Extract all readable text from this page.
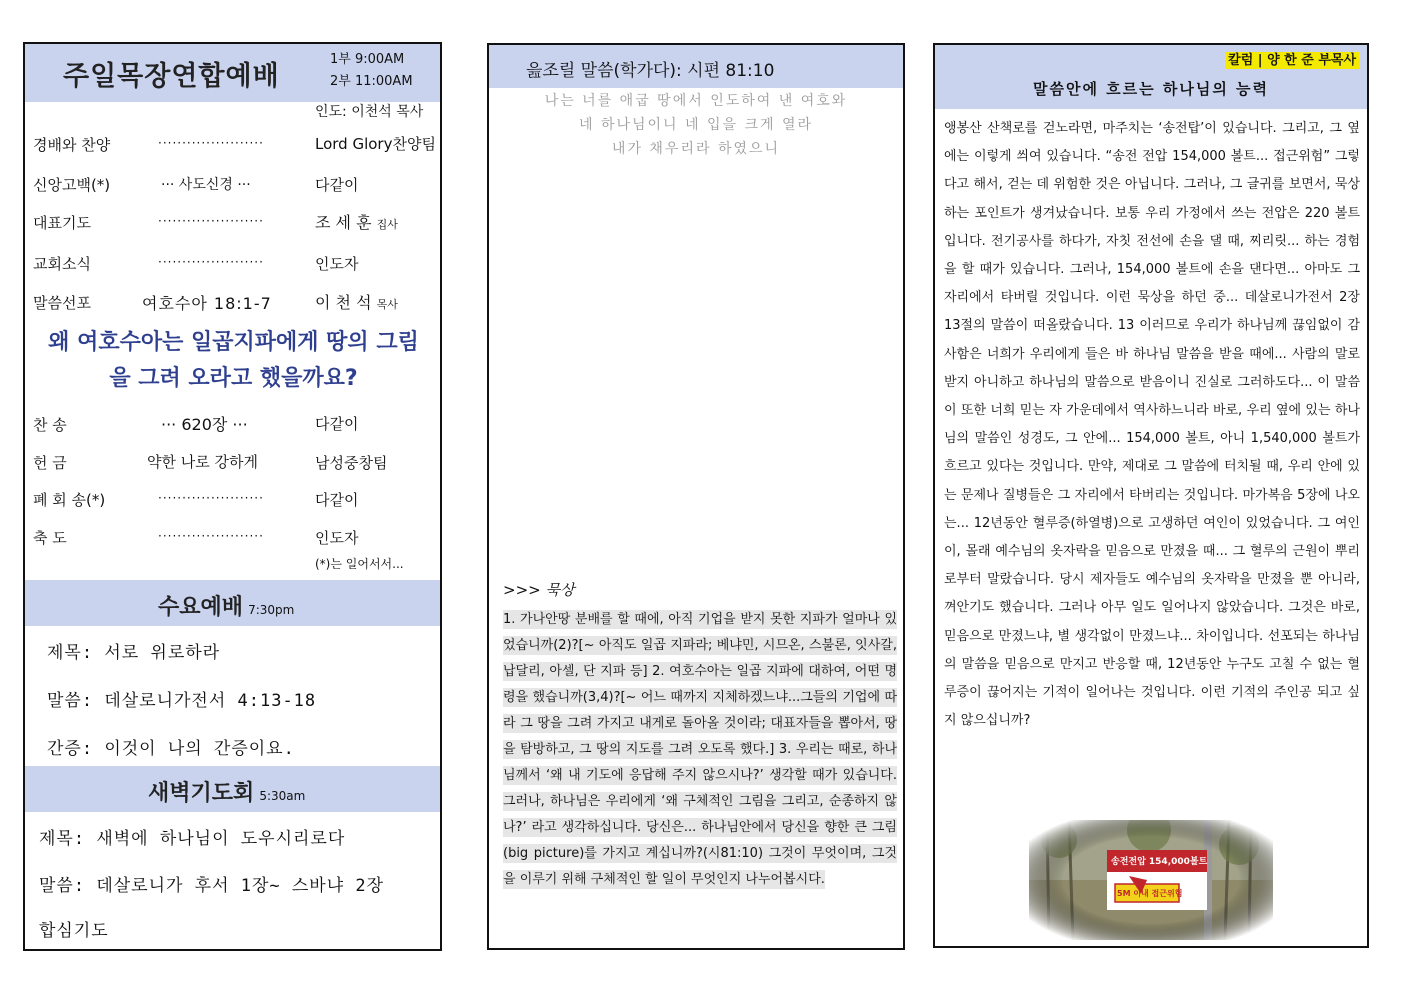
주일목장연합예배
1부 9:00AM
2부 11:00AM
인도: 이천석 목사
경배와 찬양	······················	Lord Glory찬양팀
신앙고백(*)	··· 사도신경 ···	다같이
대표기도	······················	조 세 훈 집사
교회소식	······················	인도자
말씀선포	여호수아 18:1-7	이 천 석 목사
왜 여호수아는 일곱지파에게 땅의 그림을 그려 오라고 했을까요?
찬 송	··· 620장 ···	다같이
헌 금	약한 나로 강하게	남성중창팀
폐 회 송(*)	······················	다같이
축 도	······················	인도자
(*)는 일어서서...
수요예배 7:30pm
제목: 서로 위로하라
말씀: 데살로니가전서 4:13-18
간증: 이것이 나의 간증이요.
새벽기도회 5:30am
제목: 새벽에 하나님이 도우시리로다
말씀: 데살로니가 후서 1장~ 스바냐 2장
합심기도
읊조릴 말씀(학가다): 시편 81:10
나는 너를 애굽 땅에서 인도하여 낸 여호와
네 하나님이니 네 입을 크게 열라
내가 채우리라 하였으니
>>> 묵상
1. 가나안땅 분배를 할 때에, 아직 기업을 받지 못한 지파가 얼마나 있었습니까(2)?[~ 아직도 일곱 지파라; 베냐민, 시므온, 스불론, 잇사갈, 납달리, 아셀, 단 지파 등] 2. 여호수아는 일곱 지파에 대하여, 어떤 명령을 했습니까(3,4)?[~ 어느 때까지 지체하겠느냐...그들의 기업에 따라 그 땅을 그려 가지고 내게로 돌아올 것이라; 대표자들을 뽑아서, 땅을 탐방하고, 그 땅의 지도를 그려 오도록 했다.] 3. 우리는 때로, 하나님께서 ‘왜 내 기도에 응답해 주지 않으시나?’ 생각할 때가 있습니다. 그러나, 하나님은 우리에게 ‘왜 구체적인 그림을 그리고, 순종하지 않나?’ 라고 생각하십니다. 당신은... 하나님안에서 당신을 향한 큰 그림(big picture)를 가지고 계십니까?(시81:10) 그것이 무엇이며, 그것을 이루기 위해 구체적인 할 일이 무엇인지 나누어봅시다.
칼럼 | 양 한 준 부목사
말씀안에 흐르는 하나님의 능력
앵봉산 산책로를 걷노라면, 마주치는 ‘송전탑’이 있습니다. 그리고, 그 옆에는 이렇게 씌여 있습니다. “송전 전압 154,000 볼트... 접근위험” 그렇다고 해서, 걷는 데 위험한 것은 아닙니다. 그러나, 그 글귀를 보면서, 묵상하는 포인트가 생겨났습니다. 보통 우리 가정에서 쓰는 전압은 220 볼트입니다. 전기공사를 하다가, 자칫 전선에 손을 댈 때, 찌리릿... 하는 경험을 할 때가 있습니다. 그러나, 154,000 볼트에 손을 댄다면... 아마도 그 자리에서 타버릴 것입니다. 이런 묵상을 하던 중... 데살로니가전서 2장 13절의 말씀이 떠올랐습니다. 13 이러므로 우리가 하나님께 끊임없이 감사함은 너희가 우리에게 들은 바 하나님 말씀을 받을 때에... 사람의 말로 받지 아니하고 하나님의 말씀으로 받음이니 진실로 그러하도다... 이 말씀이 또한 너희 믿는 자 가운데에서 역사하느니라 바로, 우리 옆에 있는 하나님의 말씀인 성경도, 그 안에... 154,000 볼트, 아니 1,540,000 볼트가 흐르고 있다는 것입니다. 만약, 제대로 그 말씀에 터치될 때, 우리 안에 있는 문제나 질병들은 그 자리에서 타버리는 것입니다. 마가복음 5장에 나오는... 12년동안 혈루증(하열병)으로 고생하던 여인이 있었습니다. 그 여인이, 몰래 예수님의 옷자락을 믿음으로 만졌을 때... 그 혈루의 근원이 뿌리로부터 말랐습니다. 당시 제자들도 예수님의 옷자락을 만졌을 뿐 아니라, 껴안기도 했습니다. 그러나 아무 일도 일어나지 않았습니다. 그것은 바로, 믿음으로 만졌느냐, 별 생각없이 만졌느냐... 차이입니다. 선포되는 하나님의 말씀을 믿음으로 만지고 반응할 때, 12년동안 누구도 고칠 수 없는 혈루증이 끊어지는 기적이 일어나는 것입니다. 이런 기적의 주인공 되고 싶지 않으십니까?
송전전압 154,000볼트
5M 이내 접근위험
